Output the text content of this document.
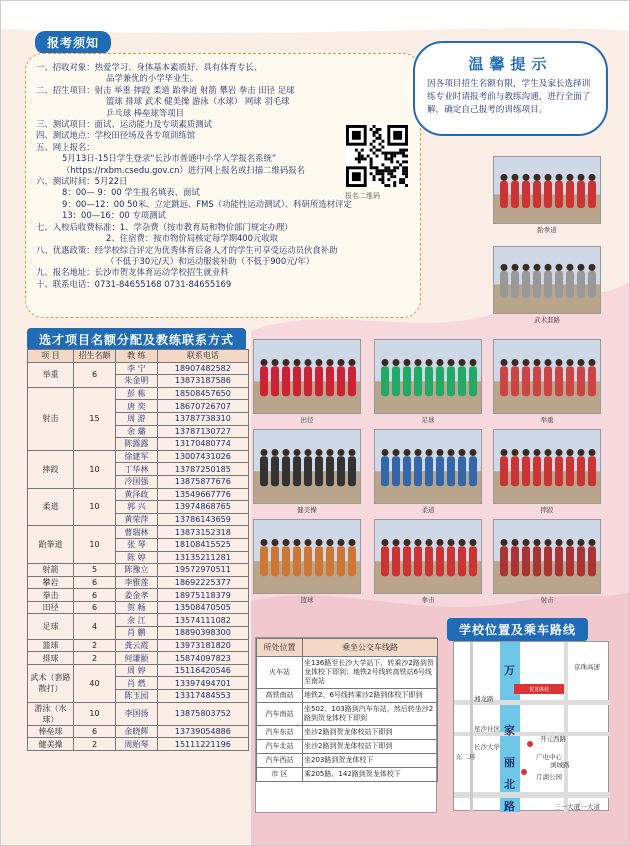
报考须知
一、招收对象：热爱学习、身体基本素质好、具有体育专长、
品学兼优的小学毕业生。
二、招生项目：射击 举重 摔跤 柔道 跆拳道 射箭 攀岩 拳击 田径 足球
篮球 排球 武术 健美操 游泳（水球） 网球 羽毛球
乒乓球 棒垒球等项目
三、测试项目：面试、运动能力及专项素质测试
四、测试地点：学校田径场及各专项训练馆
五、网上报名：
5月13日-15日学生登录“长沙市普通中小学入学报名系统”
（https://rxbm.csedu.gov.cn）进行网上报名或扫描二维码报名
六、测试时间：5月22日
8：00— 9：00 学生报名填表、面试
9：00—12：00 50米、立定跳远、FMS（功能性运动测试）、科研所选材评定
13：00—16：00 专项测试
七、入校后收费标准：1、学杂费（按市教育局和物价部门规定办理）
2、住宿费：按市物价局核定每学期400元收取
八、优惠政策：经学校综合评定为优秀体育后备人才的学生可享受运动员伙食补助
（不低于30元/天）和运动服装补助（不低于900元/年）
九、报名地址：长沙市贺龙体育运动学校招生就业科
十、联系电话：0731-84655168 0731-84655169
报名二维码
温馨提示

因各项目招生名额有限，学生及家长选择训练专业时请报考前与教练沟通，进行全面了解，确定自己报考的训练项目。

选才项目名额分配及教练联系方式
项 目	招生名额	教 练	联系电话
举重	6	李 宁	18907482582
		朱金明	13873187586
射击	15	彭 栋	18508457650
		唐 奕	18670726707
		周 游	13787738310
		余 璐	13787130727
		陈露露	13170480774
摔跤	10	徐建军	13007431026
		丁华林	13787250185
		冷国强	13875877676
柔道	10	黄泽政	13549667776
		郭 兴	13974868765
		黄荣萍	13786143659
跆拳道	10	曹瑞林	13873152318
		张 琴	18108415525
		陈 婷	13135211281
射箭	5	陈豫立	19572970511
攀岩	6	李雅莲	18692225377
拳击	6	姜金孝	18975118379
田径	6	贺 畅	13508470505
足球	4	余 江	13574111082
		肖 鹏	18890398300
篮球	2	龚云霞	13973181820
排球	2	何谦颐	15874097823
武术（套路散打）	40	周 婷	15116420546
		肖 燃	13397494701
		陈玉园	13317484553
游泳（水球）	10	李国扬	13875803752
棒垒球	6	余晓辉	13739054886
健美操	2	周贻琴	15111221196
跆拳道
武术套路
田径	足球	举重
健美操	柔道	摔跤
篮球	拳击	射击
所处位置	乘坐公交车线路
火车站	坐136路至长沙大学站下，转乘沙2路到贺龙体校下即到；地铁2号线转高铁站6号线至南站
高铁南站	地铁2、6号线转乘沙2路到体校下即到
汽车南站	坐502、103路到汽车东站，然后转坐沙2路到贺龙体校下即到
汽车东站	坐沙2路到贺龙体校站下即到
汽车北站	坐沙2路到贺龙体校站下即到
汽车西站	坐203路到贺龙体校下
市 区	乘205路、142路到贺龙体校下
学校位置及乘车路线
贺龙体校
湘龙路
万
家
丽
北
路
开元西路
浏城路
京珠高速
三一大道
东二环
长沙大学
星沙社区
广电中心
月湖公园
三一大道
